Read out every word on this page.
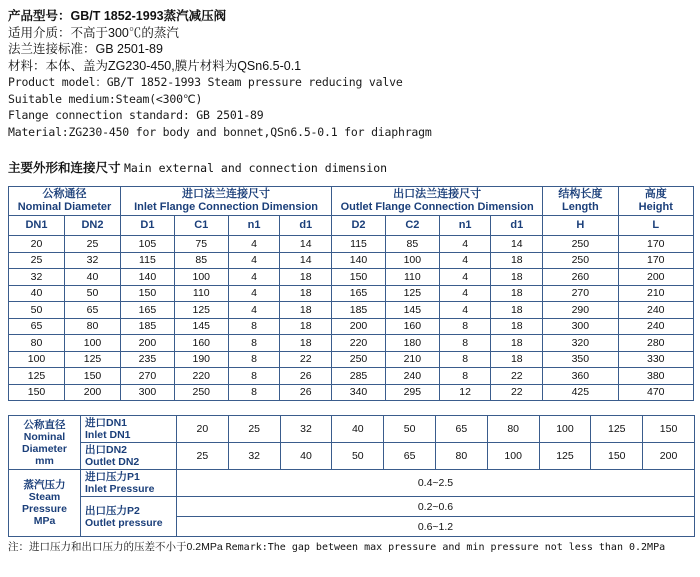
产品型号：GB/T 1852-1993蒸汽减压阀
适用介质：不高于300℃的蒸汽
法兰连接标准：GB 2501-89
材料：本体、盖为ZG230-450,膜片材料为QSn6.5-0.1
Product model：GB/T 1852-1993 Steam pressure reducing valve
Suitable medium:Steam(<300℃)
Flange connection standard: GB 2501-89
Material:ZG230-450 for body and bonnet,QSn6.5-0.1 for diaphragm
主要外形和连接尺寸 Main external and connection dimension
公称通径
Nominal Diameter		进口法兰连接尺寸
Inlet Flange Connection Dimension				出口法兰连接尺寸
Outlet Flange Connection Dimension				结构长度
Length	高度
Height

DN1	DN2	D1	C1	n1	d1	D2	C2	n1	d1	H	L
20	25	105	75	4	14	115	85	4	14	250	170
25	32	115	85	4	14	140	100	4	18	250	170
32	40	140	100	4	18	150	110	4	18	260	200
40	50	150	110	4	18	165	125	4	18	270	210
50	65	165	125	4	18	185	145	4	18	290	240
65	80	185	145	8	18	200	160	8	18	300	240
80	100	200	160	8	18	220	180	8	18	320	280
100	125	235	190	8	22	250	210	8	18	350	330
125	150	270	220	8	26	285	240	8	22	360	380
150	200	300	250	8	26	340	295	12	22	425	470
公称直径
Nominal
Diameter
mm

进口DN1
Inlet DN1	20	25	32	40	50	65	80	100	125	150

	出口DN2
Outlet DN2	25	32	40	50	65	80	100	125	150	200

蒸汽压力
Steam
Pressure
MPa

进口压力P1
Inlet Pressure	0.4~2.5

	出口压力P2
Outlet pressure	0.2~0.6									
		0.6~1.2									
注：进口压力和出口压力的压差不小于0.2MPa Remark:The gap between max pressure and min pressure not less than 0.2MPa
